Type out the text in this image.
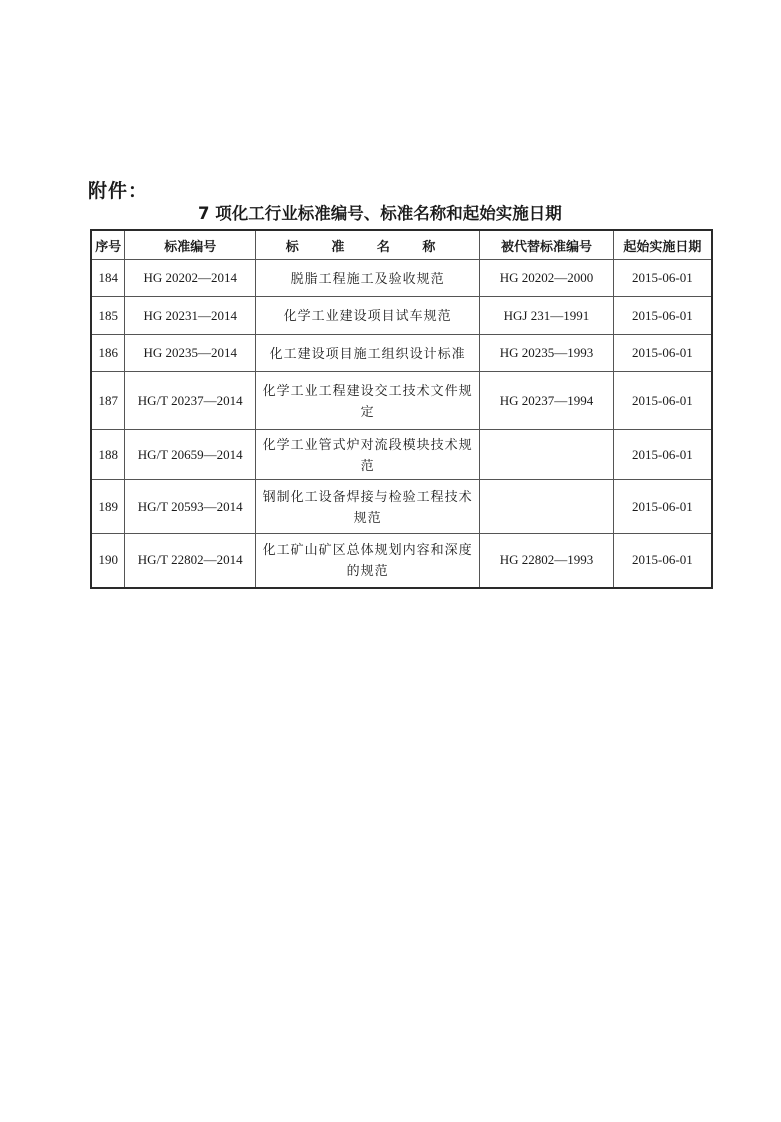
附件：
7 项化工行业标准编号、标准名称和起始实施日期
序号	标准编号	标 准 名 称	被代替标准编号	起始实施日期
184	HG 20202—2014	脱脂工程施工及验收规范	HG 20202—2000	2015-06-01
185	HG 20231—2014	化学工业建设项目试车规范	HGJ 231—1991	2015-06-01
186	HG 20235—2014	化工建设项目施工组织设计标准	HG 20235—1993	2015-06-01
187	HG/T 20237—2014	化学工业工程建设交工技术文件规定	HG 20237—1994	2015-06-01
188	HG/T 20659—2014	化学工业管式炉对流段模块技术规范		2015-06-01
189	HG/T 20593—2014	钢制化工设备焊接与检验工程技术规范		2015-06-01
190	HG/T 22802—2014	化工矿山矿区总体规划内容和深度的规范	HG 22802—1993	2015-06-01
